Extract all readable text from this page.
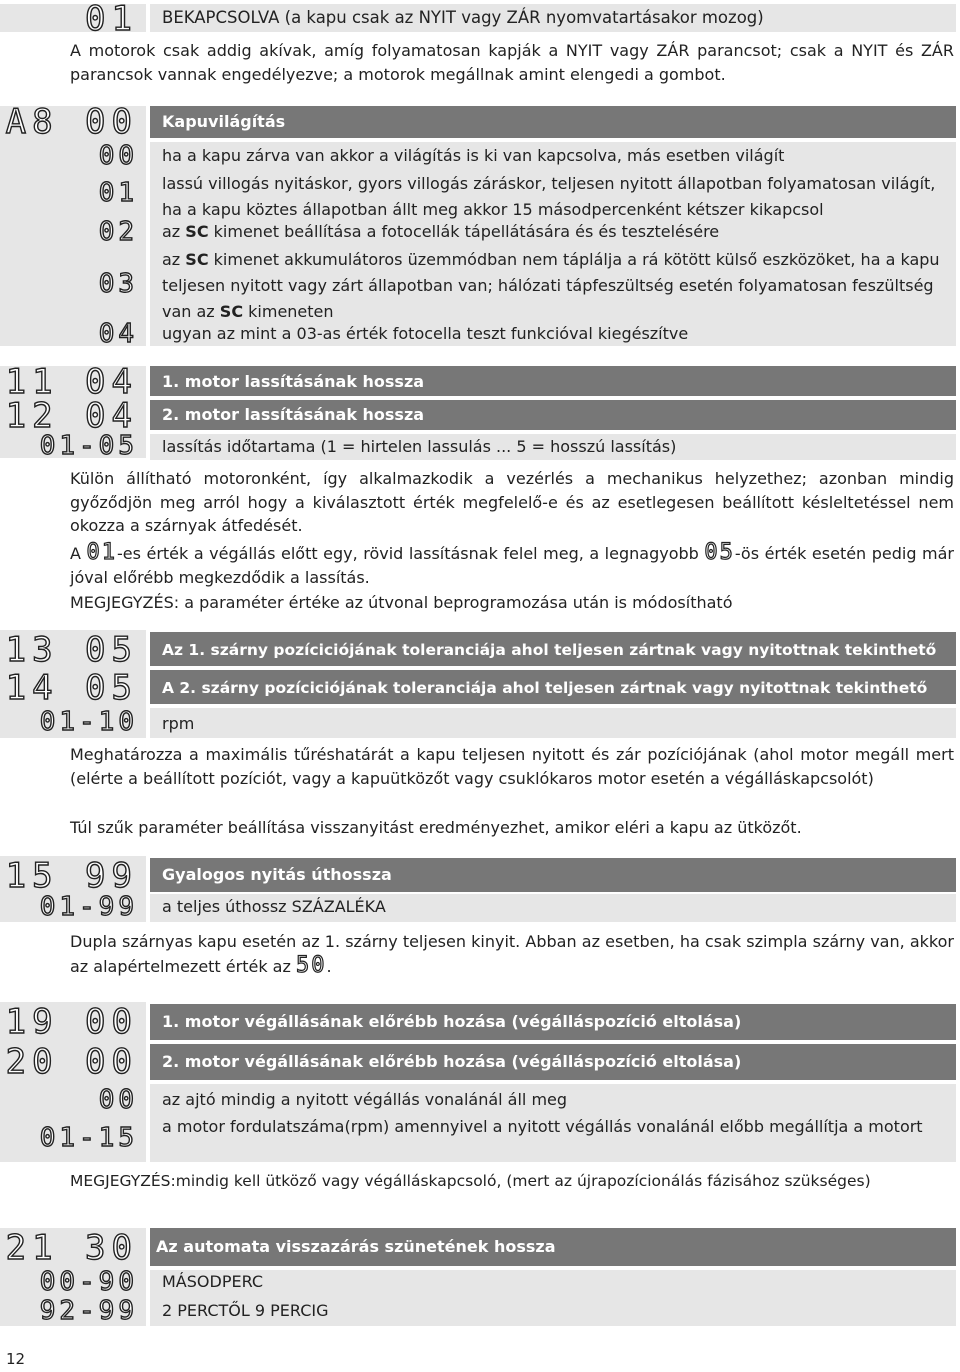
01 BEKAPCSOLVA (a kapu csak az NYIT vagy ZÁR nyomvatartásakor mozog)
A motorok csak addig akívak, amíg folyamatosan kapják a NYIT vagy ZÁR parancsot; csak a NYIT és ZÁR parancsok vannak engedélyezve; a motorok megállnak amint elengedi a gombot.
A8 00 Kapuvilágítás
00 ha a kapu zárva van akkor a világítás is ki van kapcsolva, más esetben világít
01 lassú villogás nyitáskor, gyors villogás záráskor, teljesen nyitott állapotban folyamatosan világít, ha a kapu köztes állapotban állt meg akkor 15 másodpercenként kétszer kikapcsol
02 az SC kimenet beállítása a fotocellák tápellátására és és tesztelésére
03
az SC kimenet akkumulátoros üzemmódban nem táplálja a rá kötött külső eszközöket, ha a kapu teljesen nyitott vagy zárt állapotban van; hálózati tápfeszültség esetén folyamatosan feszültség van az SC kimeneten
04 ugyan az mint a 03-as érték fotocella teszt funkcióval kiegészítve
11 04 1. motor lassításának hossza
12 04 2. motor lassításának hossza
01-05 lassítás időtartama (1 = hirtelen lassulás ... 5 = hosszú lassítás)
Külön állítható motoronként, így alkalmazkodik a vezérlés a mechanikus helyzethez; azonban mindig győződjön meg arról hogy a kiválasztott érték megfelelő-e és az esetlegesen beállított késleltetéssel nem okozza a szárnyak átfedését.
A 01-es érték a végállás előtt egy, rövid lassításnak felel meg, a legnagyobb 05-ös érték esetén pedig már jóval előrébb megkezdődik a lassítás.
MEGJEGYZÉS: a paraméter értéke az útvonal beprogramozása után is módosítható
13 05 Az 1. szárny pozíciciójának toleranciája ahol teljesen zártnak vagy nyitottnak tekinthető
14 05 A 2. szárny pozíciciójának toleranciája ahol teljesen zártnak vagy nyitottnak tekinthető
01-10 rpm
Meghatározza a maximális tűréshatárát a kapu teljesen nyitott és zár pozíciójának (ahol motor megáll mert (elérte a beállított pozíciót, vagy a kapuütközőt vagy csuklókaros motor esetén a végálláskapcsolót)
Túl szűk paraméter beállítása visszanyitást eredményezhet, amikor eléri a kapu az ütközőt.
15 99 Gyalogos nyitás úthossza
01-99 a teljes úthossz SZÁZALÉKA
Dupla szárnyas kapu esetén az 1. szárny teljesen kinyit. Abban az esetben, ha csak szimpla szárny van, akkor az alapértelmezett érték az 50.
19 00 1. motor végállásának előrébb hozása (végálláspozíció eltolása)
20 00 2. motor végállásának előrébb hozása (végálláspozíció eltolása)
00 az ajtó mindig a nyitott végállás vonalánál áll meg
01-15 a motor fordulatszáma(rpm) amennyivel a nyitott végállás vonalánál előbb megállítja a motort
MEGJEGYZÉS:mindig kell ütköző vagy végálláskapcsoló, (mert az újrapozícionálás fázisához szükséges)
21 30 Az automata visszazárás szünetének hossza
00-90 MÁSODPERC
92-99 2 PERCTŐL 9 PERCIG
12
